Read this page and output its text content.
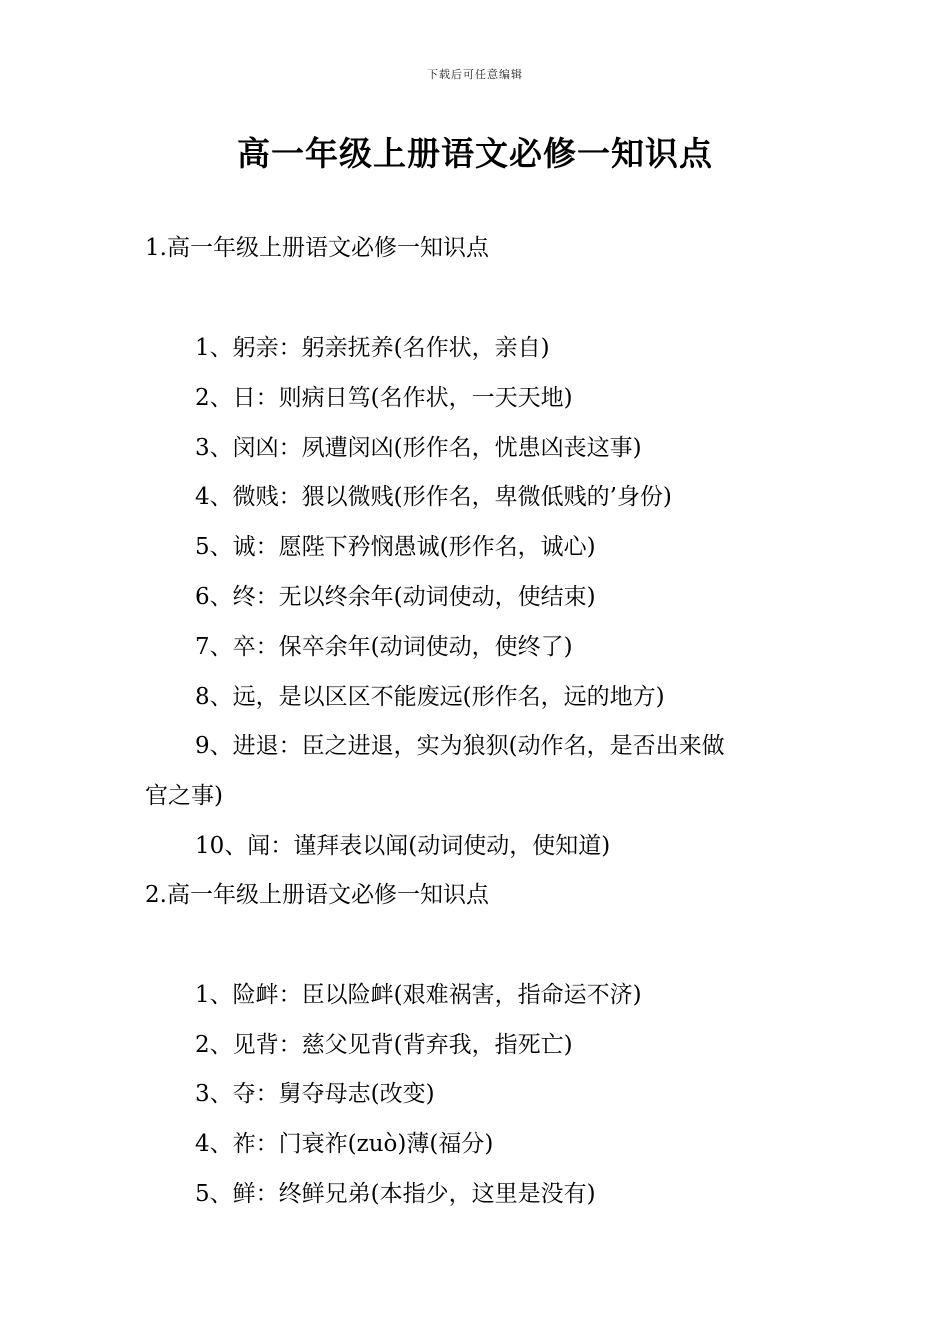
下载后可任意编辑
高一年级上册语文必修一知识点
1.高一年级上册语文必修一知识点
1、躬亲：躬亲抚养(名作状，亲自)
2、日：则病日笃(名作状，一天天地)
3、闵凶：夙遭闵凶(形作名，忧患凶丧这事)
4、微贱：猥以微贱(形作名，卑微低贱的’身份)
5、诚：愿陛下矜悯愚诚(形作名，诚心)
6、终：无以终余年(动词使动，使结束)
7、卒：保卒余年(动词使动，使终了)
8、远，是以区区不能废远(形作名，远的地方)
9、进退：臣之进退，实为狼狈(动作名，是否出来做
官之事)
10、闻：谨拜表以闻(动词使动，使知道)
2.高一年级上册语文必修一知识点
1、险衅：臣以险衅(艰难祸害，指命运不济)
2、见背：慈父见背(背弃我，指死亡)
3、夺：舅夺母志(改变)
4、祚：门衰祚(zuò)薄(福分)
5、鲜：终鲜兄弟(本指少，这里是没有)
